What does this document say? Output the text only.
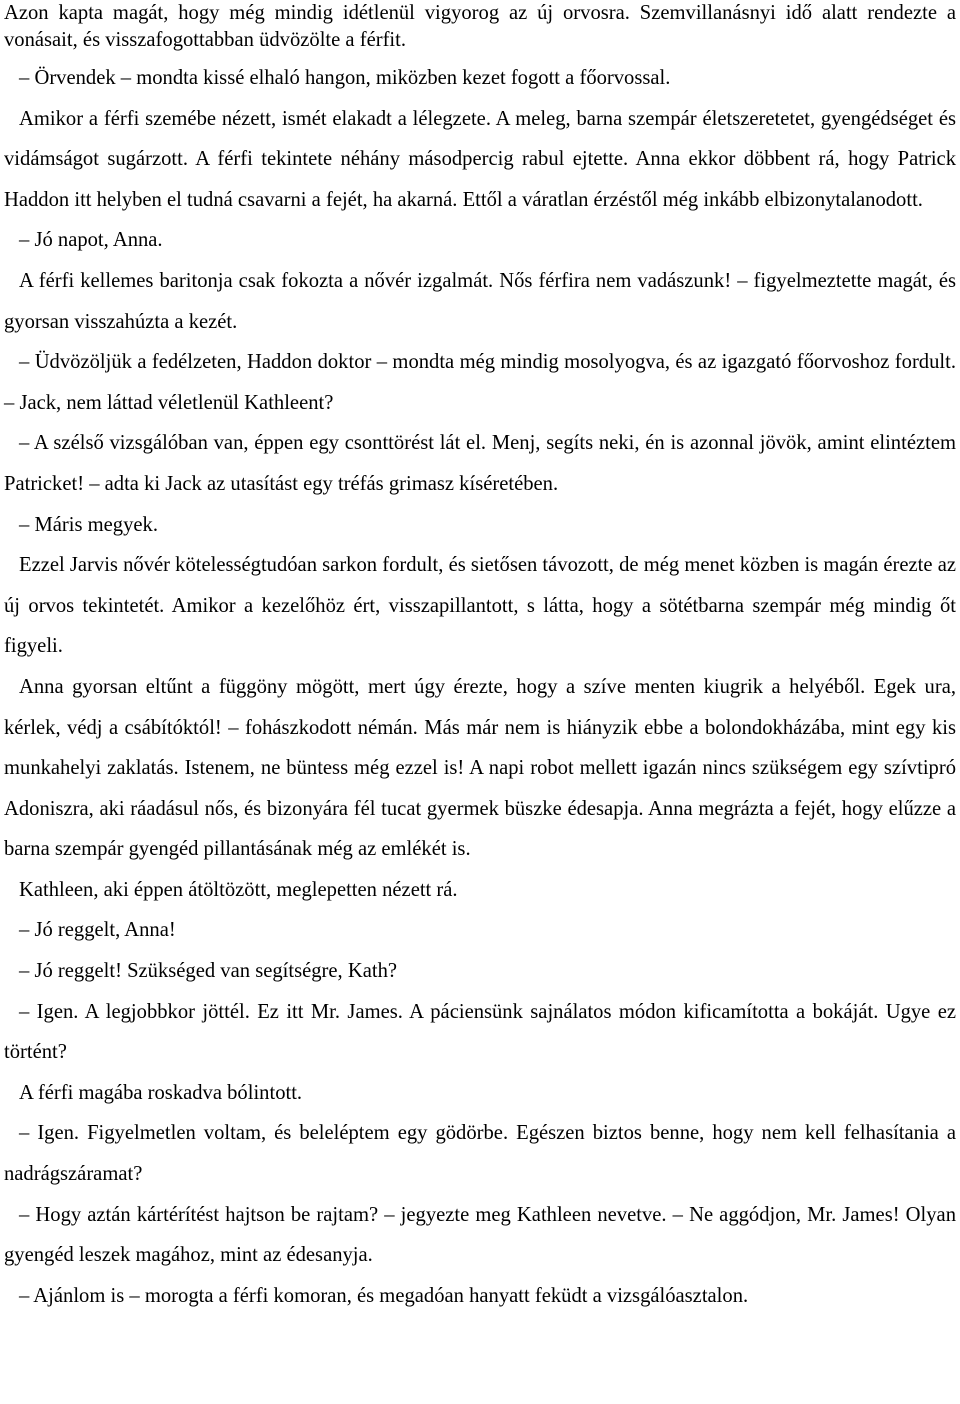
Azon kapta magát, hogy még mindig idétlenül vigyorog az új orvosra. Szemvillanásnyi idő alatt rendezte a vonásait, és visszafogottabban üdvözölte a férfit.

– Örvendek – mondta kissé elhaló hangon, miközben kezet fogott a főorvossal.

Amikor a férfi szemébe nézett, ismét elakadt a lélegzete. A meleg, barna szempár életszeretetet, gyengédséget és vidámságot sugárzott. A férfi tekintete néhány másodpercig rabul ejtette. Anna ekkor döbbent rá, hogy Patrick Haddon itt helyben el tudná csavarni a fejét, ha akarná. Ettől a váratlan érzéstől még inkább elbizonytalanodott.

– Jó napot, Anna.

A férfi kellemes baritonja csak fokozta a nővér izgalmát. Nős férfira nem vadászunk! – figyelmeztette magát, és gyorsan visszahúzta a kezét.

– Üdvözöljük a fedélzeten, Haddon doktor – mondta még mindig mosolyogva, és az igazgató főorvoshoz fordult. – Jack, nem láttad véletlenül Kathleent?

– A szélső vizsgálóban van, éppen egy csonttörést lát el. Menj, segíts neki, én is azonnal jövök, amint elintéztem Patricket! – adta ki Jack az utasítást egy tréfás grimasz kíséretében.

– Máris megyek.

Ezzel Jarvis nővér kötelességtudóan sarkon fordult, és sietősen távozott, de még menet közben is magán érezte az új orvos tekintetét. Amikor a kezelőhöz ért, visszapillantott, s látta, hogy a sötétbarna szempár még mindig őt figyeli.

Anna gyorsan eltűnt a függöny mögött, mert úgy érezte, hogy a szíve menten kiugrik a helyéből. Egek ura, kérlek, védj a csábítóktól! – fohászkodott némán. Más már nem is hiányzik ebbe a bolondokházába, mint egy kis munkahelyi zaklatás. Istenem, ne büntess még ezzel is! A napi robot mellett igazán nincs szükségem egy szívtipró Adoniszra, aki ráadásul nős, és bizonyára fél tucat gyermek büszke édesapja. Anna megrázta a fejét, hogy elűzze a barna szempár gyengéd pillantásának még az emlékét is.

Kathleen, aki éppen átöltözött, meglepetten nézett rá.

– Jó reggelt, Anna!

– Jó reggelt! Szükséged van segítségre, Kath?

– Igen. A legjobbkor jöttél. Ez itt Mr. James. A páciensünk sajnálatos módon kificamította a bokáját. Ugye ez történt?

A férfi magába roskadva bólintott.

– Igen. Figyelmetlen voltam, és beleléptem egy gödörbe. Egészen biztos benne, hogy nem kell felhasítania a nadrágszáramat?

– Hogy aztán kártérítést hajtson be rajtam? – jegyezte meg Kathleen nevetve. – Ne aggódjon, Mr. James! Olyan gyengéd leszek magához, mint az édesanyja.

– Ajánlom is – morogta a férfi komoran, és megadóan hanyatt feküdt a vizsgálóasztalon.
